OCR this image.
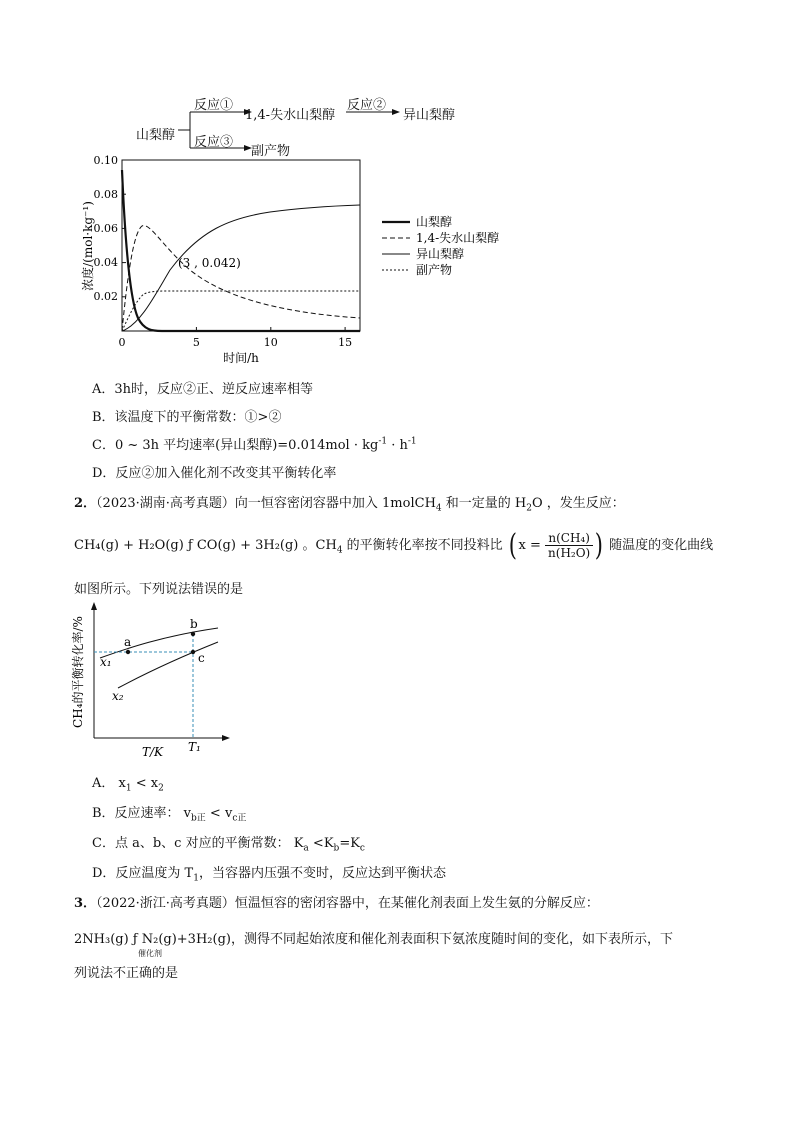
山梨醇
反应①
1,4-失水山梨醇
反应②
异山梨醇
反应③
副产物
0.10
0.08
0.06
0.04
0.02
0	5	10	15
时间/h
浓度/(mol·kg⁻¹)	(3 , 0.042)
山梨醇
1,4-失水山梨醇
异山梨醇
副产物
A．3h时，反应②正、逆反应速率相等
B．该温度下的平衡常数：①>②
C．0 ~ 3h 平均速率(异山梨醇)$=0.014mol \cdot kg^{-1} \cdot h^{-1}$
D．反应②加入催化剂不改变其平衡转化率
2．（2023·湖南·高考真题）向一恒容密闭容器中加入 1molCH$_4$ 和一定量的 $H_2O$ ，发生反应：
CH₄(g) + H₂O(g) ƒ CO(g) + 3H₂(g) 。$CH_4$ 的平衡转化率按不同投料比 ( $x = \frac{\text{n(CH₄)}}{\text{n(H₂O)}}$ ) 随温度的变化曲线
如图所示。下列说法错误的是
a
b
c
x₁
x₂
T/K T₁
CH₄的平衡转化率/%
A． $x_1 < x_2$
B．反应速率： $v_{b正} < v_{c正}$
C．点 a、b、c 对应的平衡常数： $K_a <K_b=K_c$
D．反应温度为 $T_1$，当容器内压强不变时，反应达到平衡状态
3．（2022·浙江·高考真题）恒温恒容的密闭容器中，在某催化剂表面上发生氨的分解反应：
2NH₃(g) ƒ N₂(g)+3H₂(g)
催化剂
，测得不同起始浓度和催化剂表面积下氨浓度随时间的变化，如下表所示，下
列说法不正确的是
